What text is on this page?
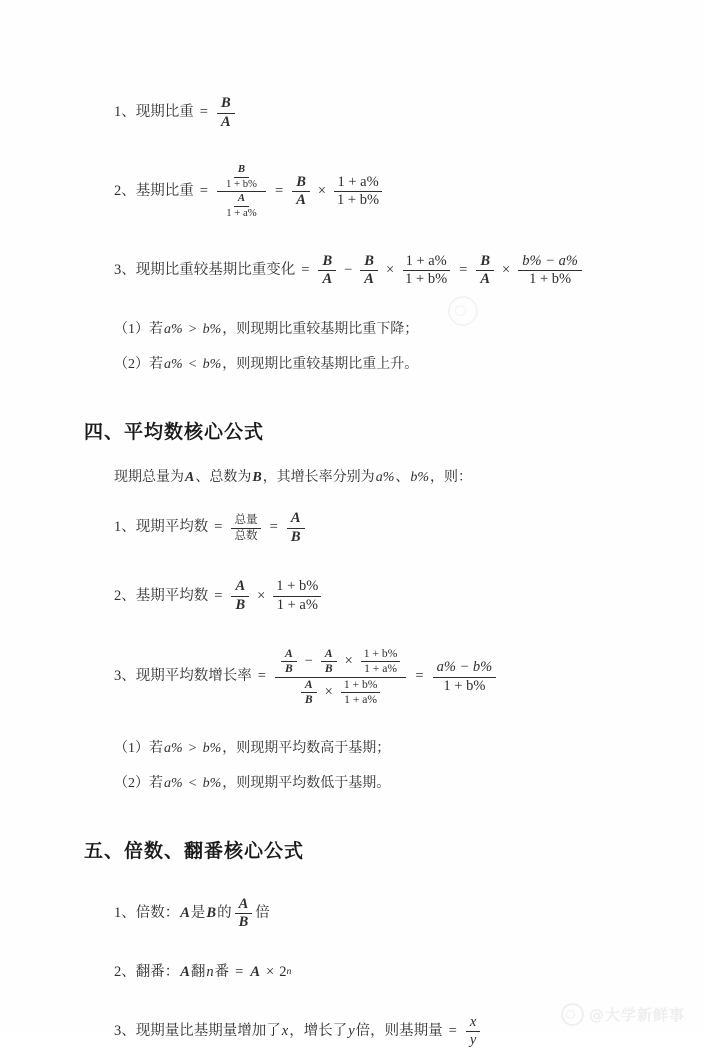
1、 现期比重 = $\frac{B}{A}$
2、 基期比重 = $\frac{\frac{B}{1 + b\%}}{\frac{A}{1 + a\%}} = \frac{B}{A} \times \frac{1 + a\%}{1 + b\%}$
3、 现期比重较基期比重变化 = $\frac{B}{A} - \frac{B}{A} \times \frac{1 + a\%}{1 + b\%} = \frac{B}{A} \times \frac{b\% - a\%}{1 + b\%}$
（1） 若 a% > b% ， 则现期比重较基期比重下降；
（2） 若 a% < b% ， 则现期比重较基期比重上升。
四、平均数核心公式
现期总量为 A 、总数为 B ，其增长率分别为 a% 、 b% ，则：
1、 现期平均数 = $\frac{\text{总量}}{\text{总数}} = \frac{A}{B}$
2、 基期平均数 = $\frac{A}{B} \times \frac{1 + b\%}{1 + a\%}$
3、 现期平均数增长率 =
$\frac{A}{B} - \frac{A}{B} \times \frac{1 + b\%}{1 + a\%}$
$\frac{A}{B} \times \frac{1 + b\%}{1 + a\%}$
= $\frac{a\% - b\%}{1 + b\%}$
（1） 若 a% > b% ， 则现期平均数高于基期；
（2） 若 a% < b% ， 则现期平均数低于基期。
五、倍数、翻番核心公式
1、 倍数： A 是 B 的 $\frac{A}{B}$ 倍
2、 翻番： A 翻 n 番 = A × 2 n
3、 现期量比基期量增加了 x ，增长了 y 倍，则基期量 = $\frac{x}{y}$	@大学新鲜事
